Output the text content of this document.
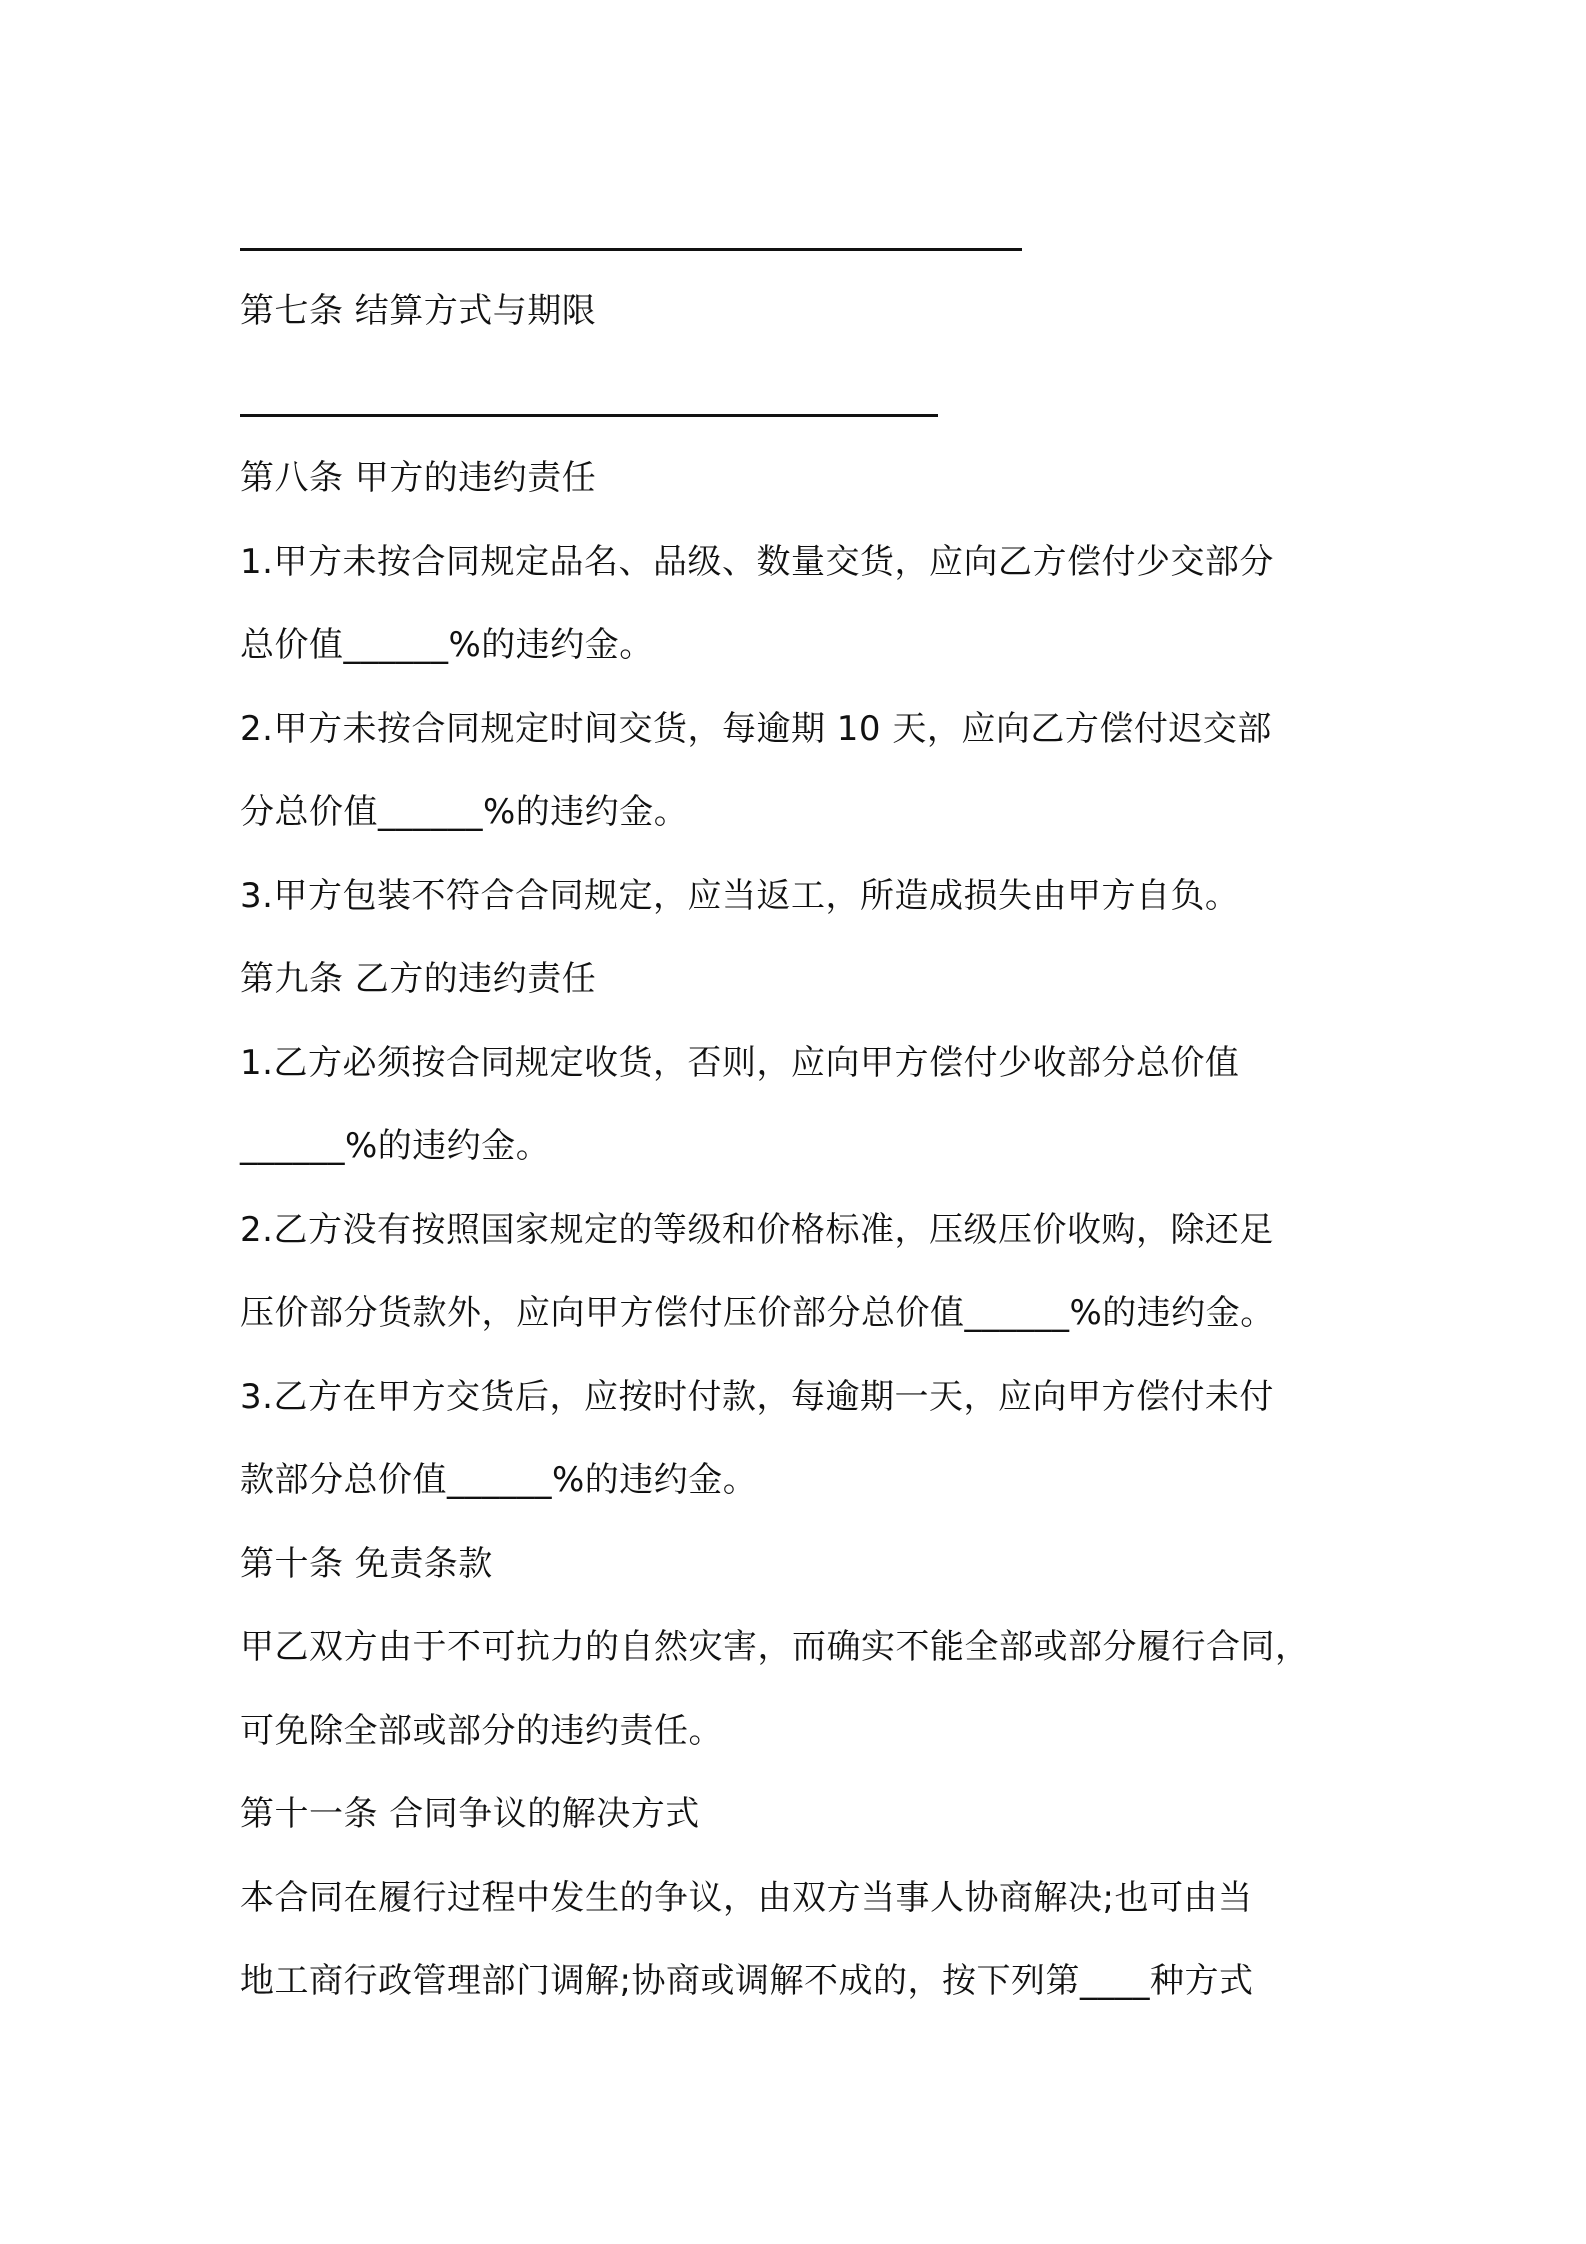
第七条 结算方式与期限
第八条 甲方的违约责任
1.甲方未按合同规定品名、品级、数量交货，应向乙方偿付少交部分
总价值______%的违约金。
2.甲方未按合同规定时间交货，每逾期 10 天，应向乙方偿付迟交部
分总价值______%的违约金。
3.甲方包装不符合合同规定，应当返工，所造成损失由甲方自负。
第九条 乙方的违约责任
1.乙方必须按合同规定收货，否则，应向甲方偿付少收部分总价值
______%的违约金。
2.乙方没有按照国家规定的等级和价格标准，压级压价收购，除还足
压价部分货款外，应向甲方偿付压价部分总价值______%的违约金。
3.乙方在甲方交货后，应按时付款，每逾期一天，应向甲方偿付未付
款部分总价值______%的违约金。
第十条 免责条款
甲乙双方由于不可抗力的自然灾害，而确实不能全部或部分履行合同，
可免除全部或部分的违约责任。
第十一条 合同争议的解决方式
本合同在履行过程中发生的争议，由双方当事人协商解决;也可由当
地工商行政管理部门调解;协商或调解不成的，按下列第____种方式
